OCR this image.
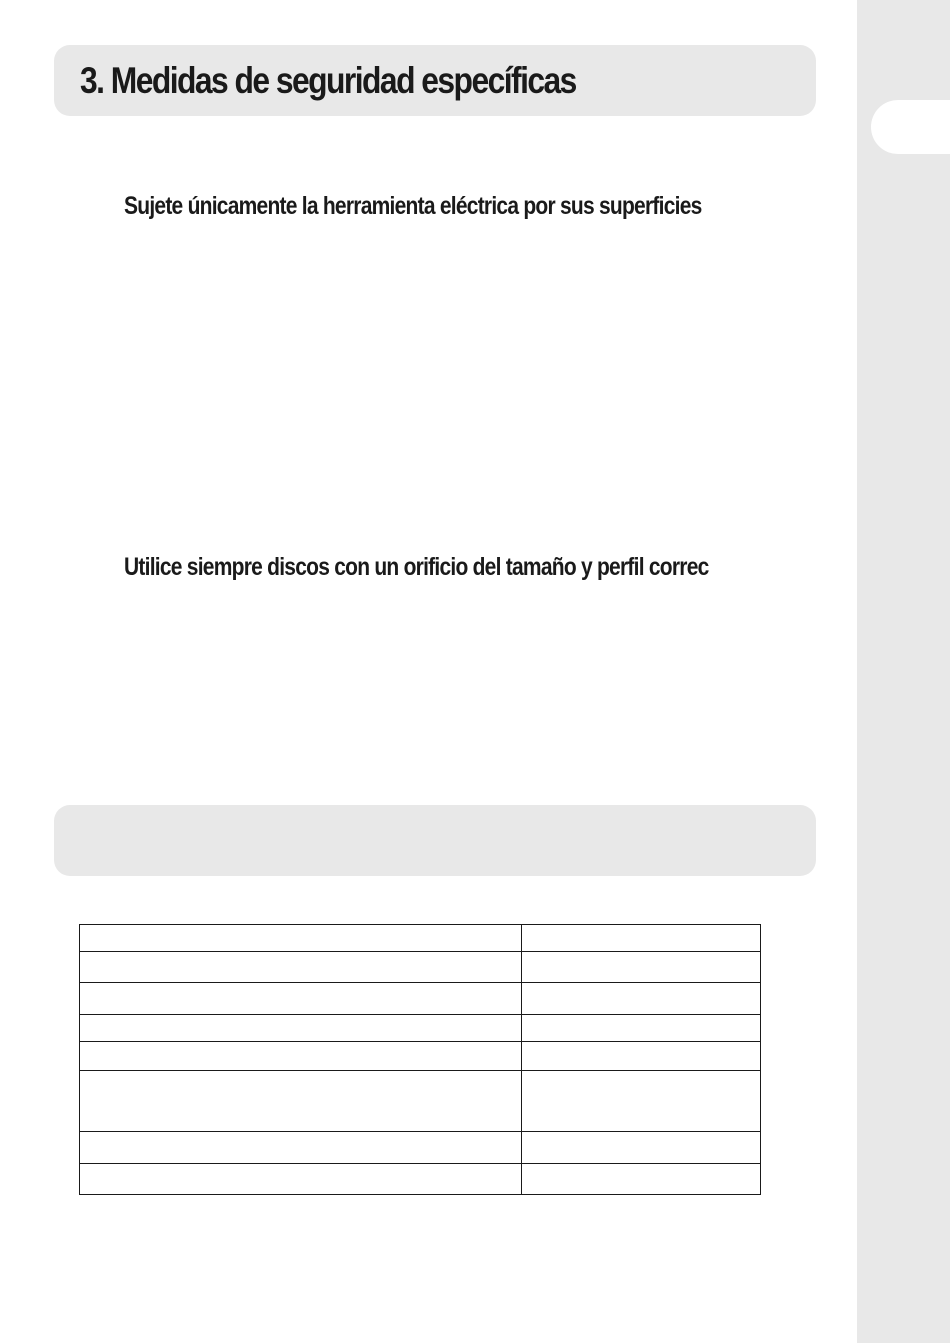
3. Medidas de seguridad específicas
Sujete únicamente la herramienta eléctrica por sus superficies
Utilice siempre discos con un orificio del tamaño y perfil correc
